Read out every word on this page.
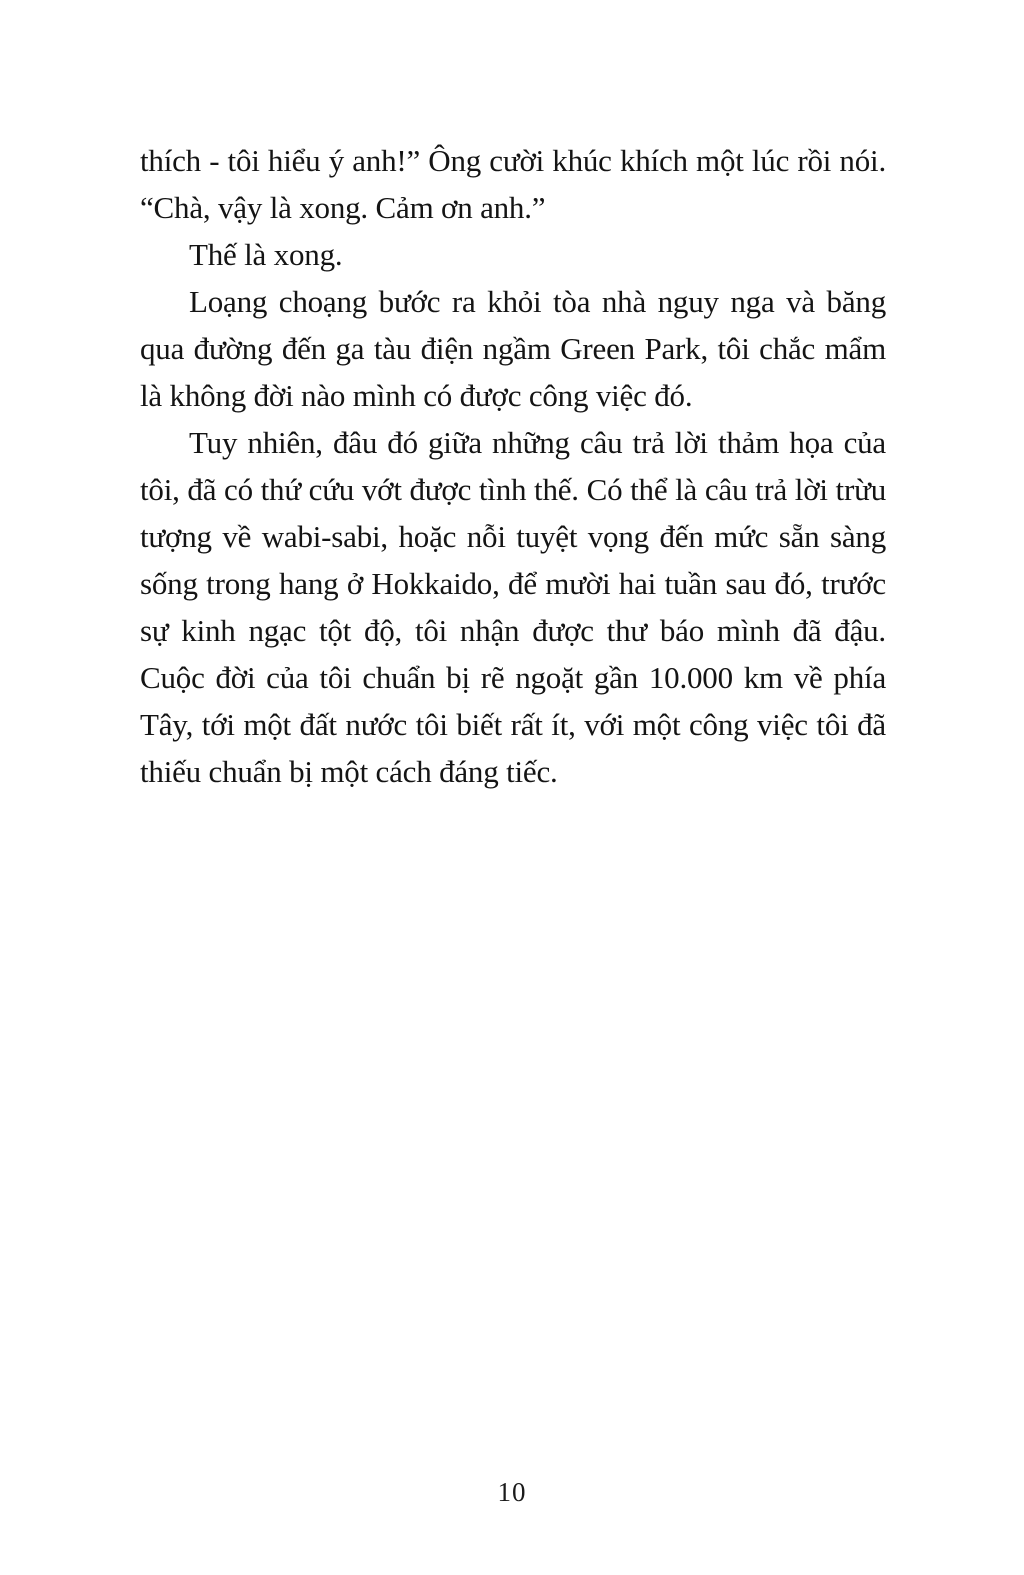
thích - tôi hiểu ý anh!” Ông cười khúc khích một lúc rồi nói. “Chà, vậy là xong. Cảm ơn anh.”

Thế là xong.

Loạng choạng bước ra khỏi tòa nhà nguy nga và băng qua đường đến ga tàu điện ngầm Green Park, tôi chắc mẩm là không đời nào mình có được công việc đó.

Tuy nhiên, đâu đó giữa những câu trả lời thảm họa của tôi, đã có thứ cứu vớt được tình thế. Có thể là câu trả lời trừu tượng về wabi-sabi, hoặc nỗi tuyệt vọng đến mức sẵn sàng sống trong hang ở Hokkaido, để mười hai tuần sau đó, trước sự kinh ngạc tột độ, tôi nhận được thư báo mình đã đậu. Cuộc đời của tôi chuẩn bị rẽ ngoặt gần 10.000 km về phía Tây, tới một đất nước tôi biết rất ít, với một công việc tôi đã thiếu chuẩn bị một cách đáng tiếc.

10
